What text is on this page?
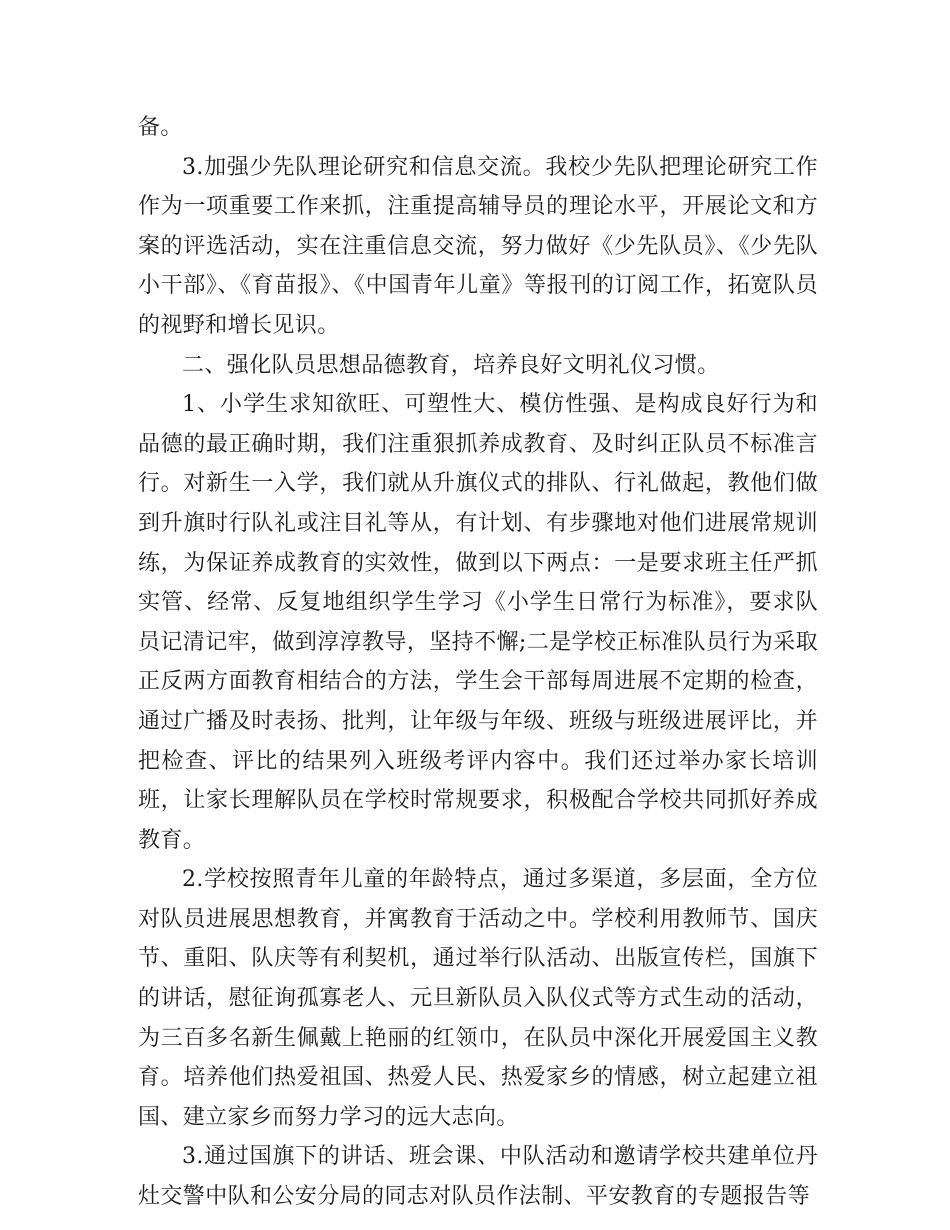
备。

3.加强少先队理论研究和信息交流。我校少先队把理论研究工作作为一项重要工作来抓，注重提高辅导员的理论水平，开展论文和方案的评选活动，实在注重信息交流，努力做好《少先队员》、《少先队小干部》、《育苗报》、《中国青年儿童》等报刊的订阅工作，拓宽队员的视野和增长见识。

二、强化队员思想品德教育，培养良好文明礼仪习惯。

1、小学生求知欲旺、可塑性大、模仿性强、是构成良好行为和品德的最正确时期，我们注重狠抓养成教育、及时纠正队员不标准言行。对新生一入学，我们就从升旗仪式的排队、行礼做起，教他们做到升旗时行队礼或注目礼等从，有计划、有步骤地对他们进展常规训练，为保证养成教育的实效性，做到以下两点：一是要求班主任严抓实管、经常、反复地组织学生学习《小学生日常行为标准》，要求队员记清记牢，做到淳淳教导，坚持不懈;二是学校正标准队员行为采取正反两方面教育相结合的方法，学生会干部每周进展不定期的检查，通过广播及时表扬、批判，让年级与年级、班级与班级进展评比，并把检查、评比的结果列入班级考评内容中。我们还过举办家长培训班，让家长理解队员在学校时常规要求，积极配合学校共同抓好养成教育。

2.学校按照青年儿童的年龄特点，通过多渠道，多层面，全方位对队员进展思想教育，并寓教育于活动之中。学校利用教师节、国庆节、重阳、队庆等有利契机，通过举行队活动、出版宣传栏，国旗下的讲话，慰征询孤寡老人、元旦新队员入队仪式等方式生动的活动，为三百多名新生佩戴上艳丽的红领巾，在队员中深化开展爱国主义教育。培养他们热爱祖国、热爱人民、热爱家乡的情感，树立起建立祖国、建立家乡而努力学习的远大志向。

3.通过国旗下的讲话、班会课、中队活动和邀请学校共建单位丹灶交警中队和公安分局的同志对队员作法制、平安教育的专题报告等
